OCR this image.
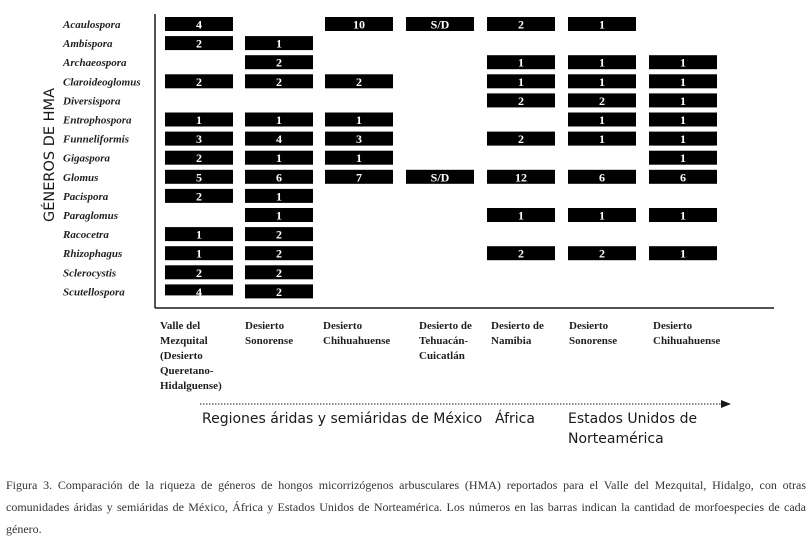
GÉNEROS DE HMA
Acaulospora
Ambispora
Archaeospora
Claroideoglomus
Diversispora
Entrophospora
Funneliformis
Gigaspora
Glomus
Pacispora
Paraglomus
Racocetra
Rhizophagus
Sclerocystis
Scutellospora
4
2
2
1
3
2
5
2
1
1
2
4
1
2
2
1
4
1
6
1
1
2
2
2
2
10
2
1
3
1
7
S/D
S/D
2
1
1
2
2
12
1
2
1
1
1
2
1
1
6
1
2
1
1
1
1
1
1
6
1
1
Valle del
Mezquital
(Desierto
Queretano-
Hidalguense)
Desierto
Sonorense
Desierto
Chihuahuense
Desierto de
Tehuacán-
Cuicatlán
Desierto de
Namibia
Desierto
Sonorense
Desierto
Chihuahuense
Regiones áridas y semiáridas de México África Estados Unidos de
Norteamérica

Figura 3. Comparación de la riqueza de géneros de hongos micorrizógenos arbusculares (HMA) reportados para el Valle del Mezquital, Hidalgo, con otras comunidades áridas y semiáridas de México, África y Estados Unidos de Norteamérica. Los números en las barras indican la cantidad de morfoespecies de cada género.
